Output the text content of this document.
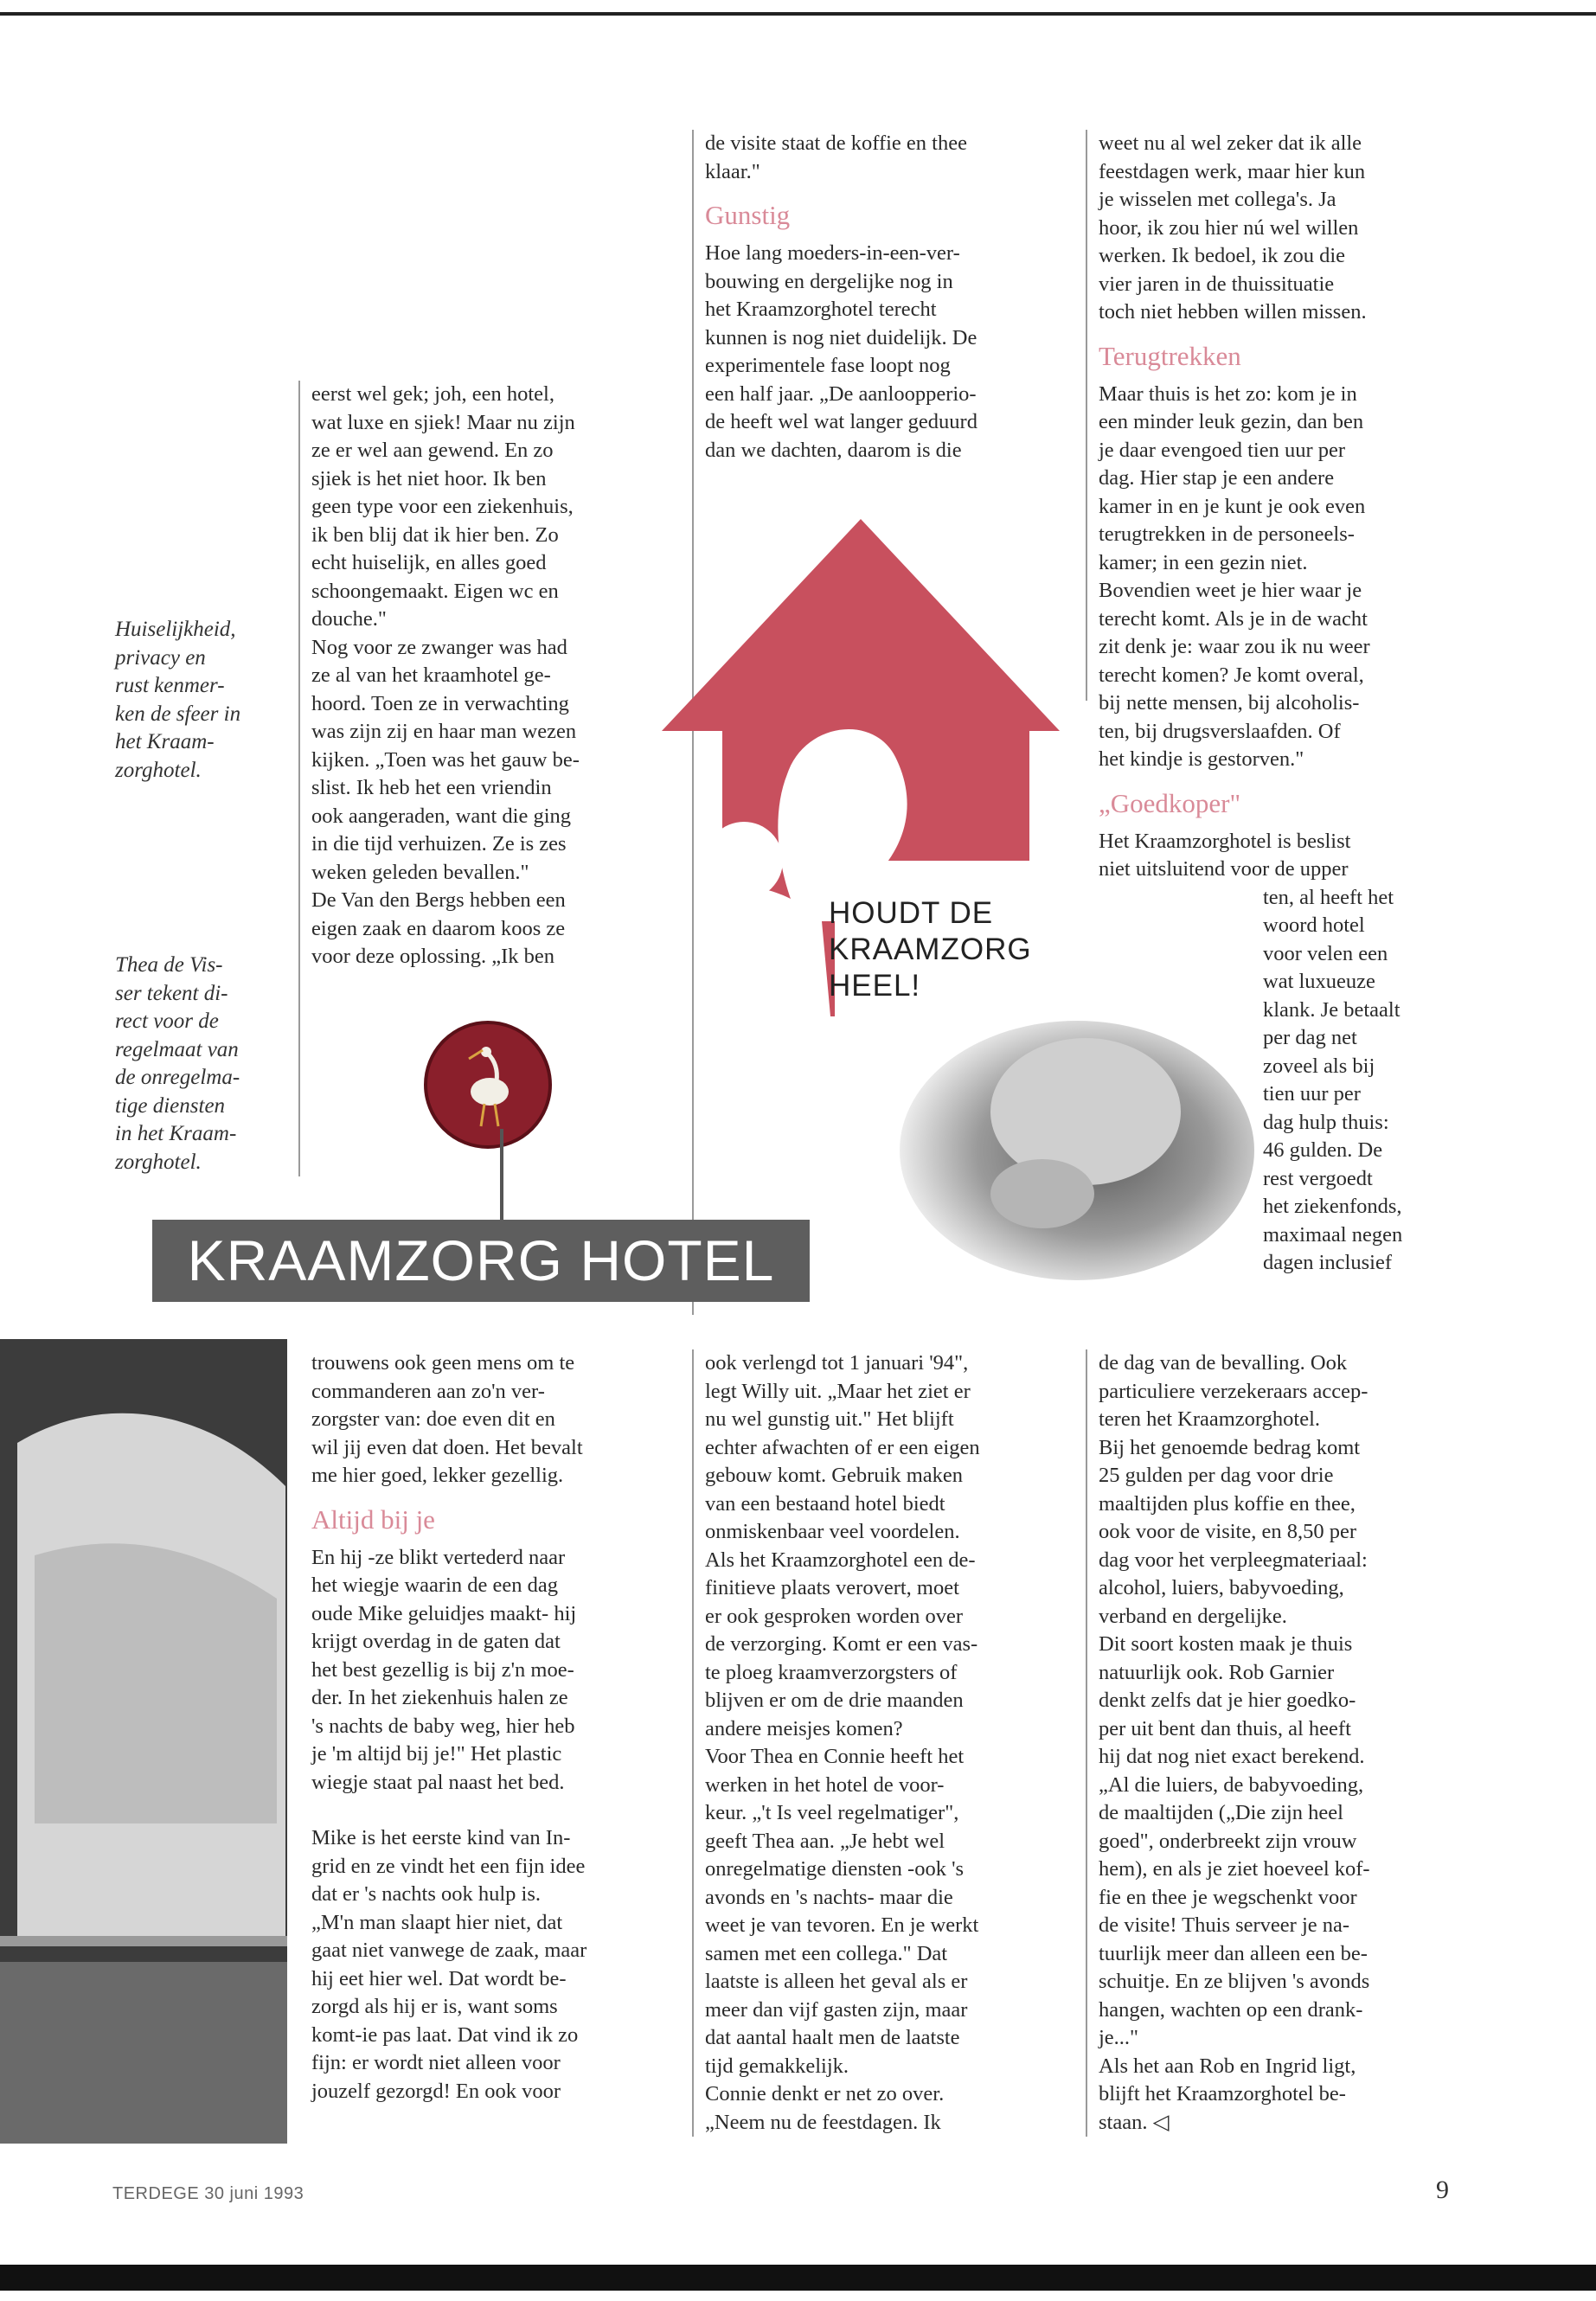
Huiselijkheid,
privacy en
rust kenmer-
ken de sfeer in
het Kraam-
zorghotel.
Thea de Vis-
ser tekent di-
rect voor de
regelmaat van
de onregelma-
tige diensten
in het Kraam-
zorghotel.
eerst wel gek; joh, een hotel,
wat luxe en sjiek! Maar nu zijn
ze er wel aan gewend. En zo
sjiek is het niet hoor. Ik ben
geen type voor een ziekenhuis,
ik ben blij dat ik hier ben. Zo
echt huiselijk, en alles goed
schoongemaakt. Eigen wc en
douche."
Nog voor ze zwanger was had
ze al van het kraamhotel ge-
hoord. Toen ze in verwachting
was zijn zij en haar man wezen
kijken. „Toen was het gauw be-
slist. Ik heb het een vriendin
ook aangeraden, want die ging
in die tijd verhuizen. Ze is zes
weken geleden bevallen."
De Van den Bergs hebben een
eigen zaak en daarom koos ze
voor deze oplossing. „Ik ben
de visite staat de koffie en thee
klaar."
Gunstig
Hoe lang moeders-in-een-ver-
bouwing en dergelijke nog in
het Kraamzorghotel terecht
kunnen is nog niet duidelijk. De
experimentele fase loopt nog
een half jaar. „De aanloopperio-
de heeft wel wat langer geduurd
dan we dachten, daarom is die
weet nu al wel zeker dat ik alle
feestdagen werk, maar hier kun
je wisselen met collega's. Ja
hoor, ik zou hier nú wel willen
werken. Ik bedoel, ik zou die
vier jaren in de thuissituatie
toch niet hebben willen missen.
Terugtrekken
Maar thuis is het zo: kom je in
een minder leuk gezin, dan ben
je daar evengoed tien uur per
dag. Hier stap je een andere
kamer in en je kunt je ook even
terugtrekken in de personeels-
kamer; in een gezin niet.
Bovendien weet je hier waar je
terecht komt. Als je in de wacht
zit denk je: waar zou ik nu weer
terecht komen? Je komt overal,
bij nette mensen, bij alcoholis-
ten, bij drugsverslaafden. Of
het kindje is gestorven."
„Goedkoper"
Het Kraamzorghotel is beslist
niet uitsluitend voor de upper
ten, al heeft het
woord hotel
voor velen een
wat luxueuze
klank. Je betaalt
per dag net
zoveel als bij
tien uur per
dag hulp thuis:
46 gulden. De
rest vergoedt
het ziekenfonds,
maximaal negen
dagen inclusief
HOUDT DE
KRAAMZORG
HEEL!
KRAAMZORG HOTEL
trouwens ook geen mens om te
commanderen aan zo'n ver-
zorgster van: doe even dit en
wil jij even dat doen. Het bevalt
me hier goed, lekker gezellig.
Altijd bij je
En hij -ze blikt vertederd naar
het wiegje waarin de een dag
oude Mike geluidjes maakt- hij
krijgt overdag in de gaten dat
het best gezellig is bij z'n moe-
der. In het ziekenhuis halen ze
's nachts de baby weg, hier heb
je 'm altijd bij je!" Het plastic
wiegje staat pal naast het bed.
Mike is het eerste kind van In-
grid en ze vindt het een fijn idee
dat er 's nachts ook hulp is.
„M'n man slaapt hier niet, dat
gaat niet vanwege de zaak, maar
hij eet hier wel. Dat wordt be-
zorgd als hij er is, want soms
komt-ie pas laat. Dat vind ik zo
fijn: er wordt niet alleen voor
jouzelf gezorgd! En ook voor
ook verlengd tot 1 januari '94",
legt Willy uit. „Maar het ziet er
nu wel gunstig uit." Het blijft
echter afwachten of er een eigen
gebouw komt. Gebruik maken
van een bestaand hotel biedt
onmiskenbaar veel voordelen.
Als het Kraamzorghotel een de-
finitieve plaats verovert, moet
er ook gesproken worden over
de verzorging. Komt er een vas-
te ploeg kraamverzorgsters of
blijven er om de drie maanden
andere meisjes komen?
Voor Thea en Connie heeft het
werken in het hotel de voor-
keur. „'t Is veel regelmatiger",
geeft Thea aan. „Je hebt wel
onregelmatige diensten -ook 's
avonds en 's nachts- maar die
weet je van tevoren. En je werkt
samen met een collega." Dat
laatste is alleen het geval als er
meer dan vijf gasten zijn, maar
dat aantal haalt men de laatste
tijd gemakkelijk.
Connie denkt er net zo over.
„Neem nu de feestdagen. Ik
de dag van de bevalling. Ook
particuliere verzekeraars accep-
teren het Kraamzorghotel.
Bij het genoemde bedrag komt
25 gulden per dag voor drie
maaltijden plus koffie en thee,
ook voor de visite, en 8,50 per
dag voor het verpleegmateriaal:
alcohol, luiers, babyvoeding,
verband en dergelijke.
Dit soort kosten maak je thuis
natuurlijk ook. Rob Garnier
denkt zelfs dat je hier goedko-
per uit bent dan thuis, al heeft
hij dat nog niet exact berekend.
„Al die luiers, de babyvoeding,
de maaltijden („Die zijn heel
goed", onderbreekt zijn vrouw
hem), en als je ziet hoeveel kof-
fie en thee je wegschenkt voor
de visite! Thuis serveer je na-
tuurlijk meer dan alleen een be-
schuitje. En ze blijven 's avonds
hangen, wachten op een drank-
je..."
Als het aan Rob en Ingrid ligt,
blijft het Kraamzorghotel be-
staan. ◁
TERDEGE 30 juni 1993	9
